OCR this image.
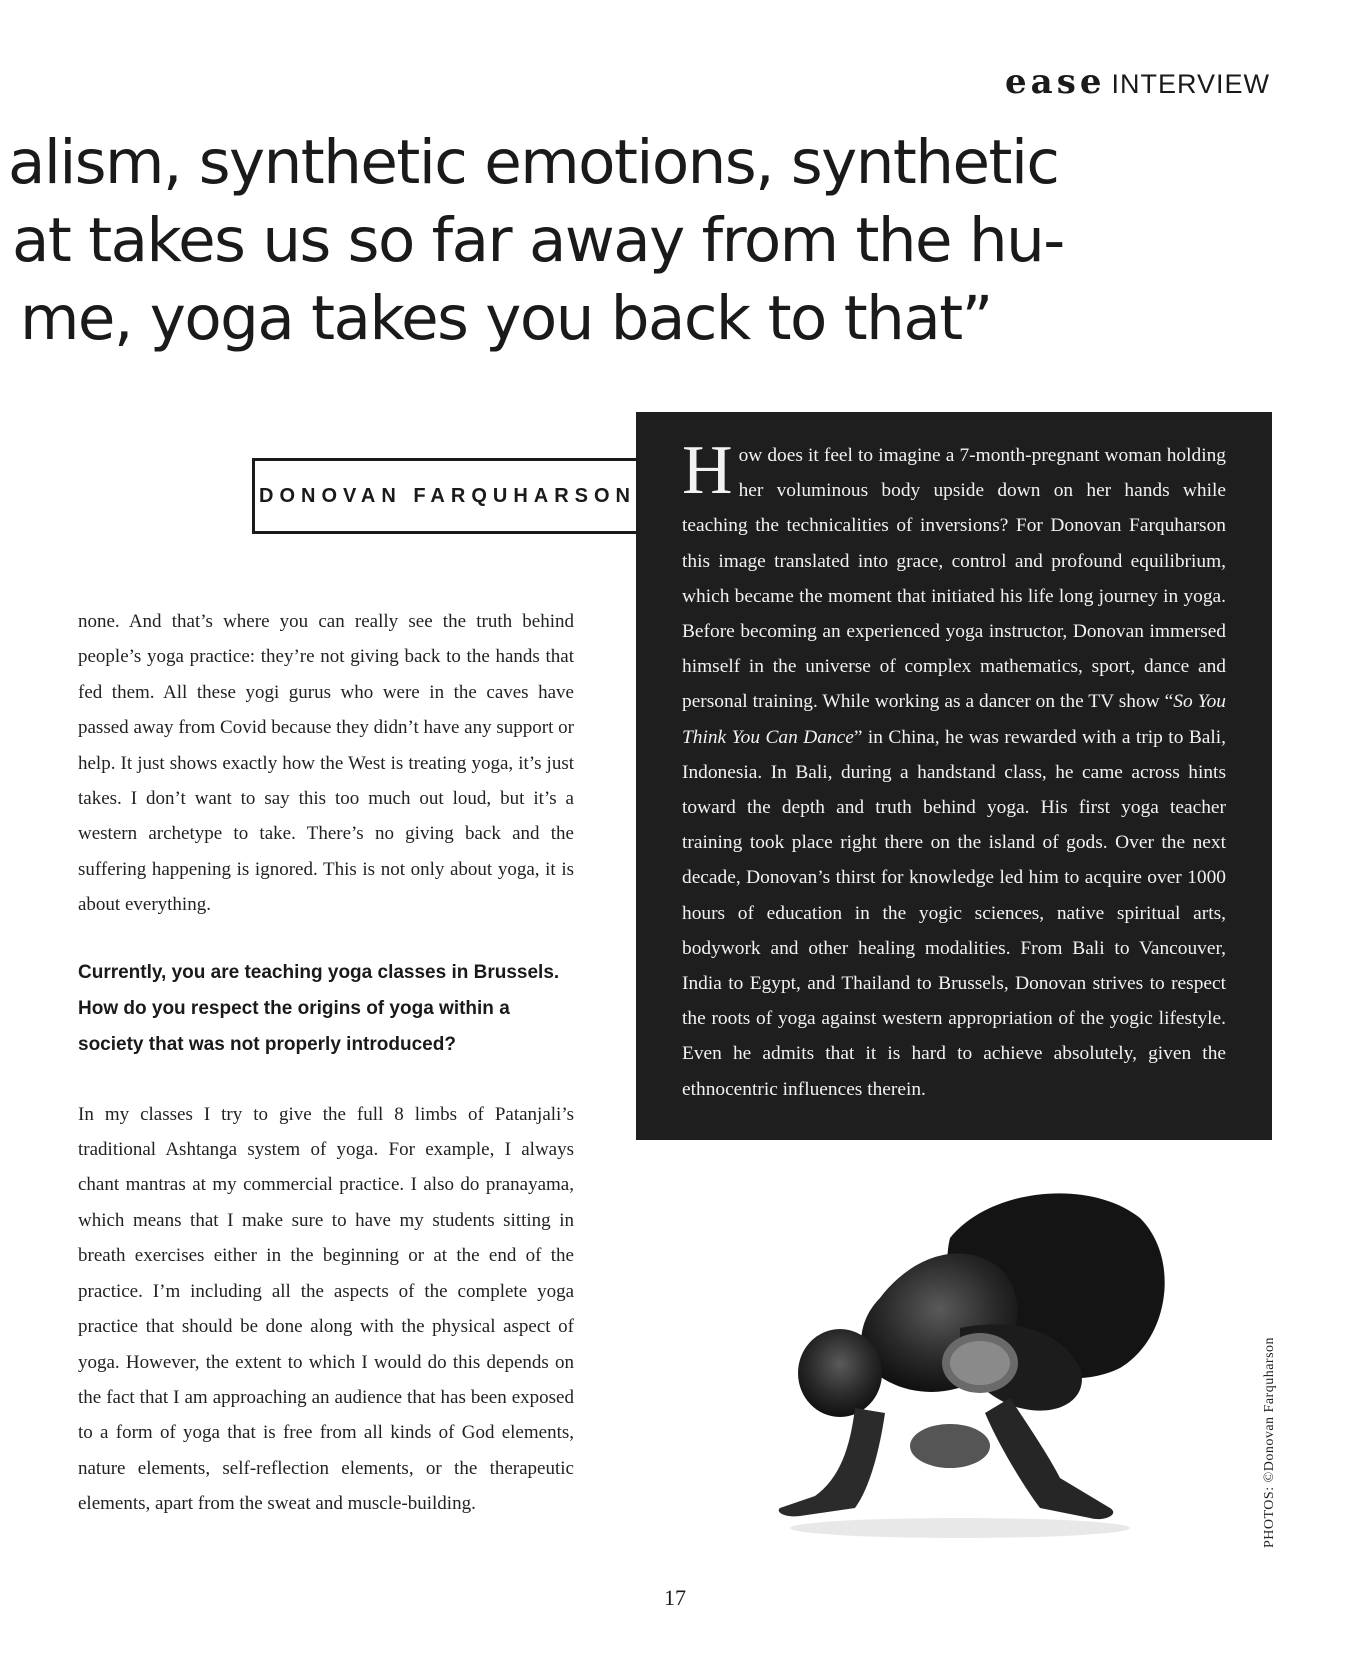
ease INTERVIEW
alism, synthetic emotions, synthetic
at takes us so far away from the hu-
me, yoga takes you back to that”
DONOVAN FARQUHARSON

none. And that’s where you can really see the truth behind people’s yoga practice: they’re not giving back to the hands that fed them. All these yogi gurus who were in the caves have passed away from Covid because they didn’t have any support or help. It just shows exactly how the West is treating yoga, it’s just takes. I don’t want to say this too much out loud, but it’s a western archetype to take. There’s no giving back and the suffering happening is ignored. This is not only about yoga, it is about everything.

Currently, you are teaching yoga classes in Brussels. How do you respect the origins of yoga within a society that was not properly introduced?

In my classes I try to give the full 8 limbs of Patanjali’s traditional Ashtanga system of yoga. For example, I always chant mantras at my commercial practice. I also do pranayama, which means that I make sure to have my students sitting in breath exercises either in the beginning or at the end of the practice. I’m including all the aspects of the complete yoga practice that should be done along with the physical aspect of yoga. However, the extent to which I would do this depends on the fact that I am approaching an audience that has been exposed to a form of yoga that is free from all kinds of God elements, nature elements, self-reflection elements, or the therapeutic elements, apart from the sweat and muscle-building.

How does it feel to imagine a 7-month-pregnant woman holding her voluminous body upside down on her hands while teaching the technicalities of inversions? For Donovan Farquharson this image translated into grace, control and profound equilibrium, which became the moment that initiated his life long journey in yoga. Before becoming an experienced yoga instructor, Donovan immersed himself in the universe of complex mathematics, sport, dance and personal training. While working as a dancer on the TV show “So You Think You Can Dance” in China, he was rewarded with a trip to Bali, Indonesia. In Bali, during a handstand class, he came across hints toward the depth and truth behind yoga. His first yoga teacher training took place right there on the island of gods. Over the next decade, Donovan’s thirst for knowledge led him to acquire over 1000 hours of education in the yogic sciences, native spiritual arts, bodywork and other healing modalities. From Bali to Vancouver, India to Egypt, and Thailand to Brussels, Donovan strives to respect the roots of yoga against western appropriation of the yogic lifestyle. Even he admits that it is hard to achieve absolutely, given the ethnocentric influences therein.

PHOTOS: ©Donovan Farquharson
17
